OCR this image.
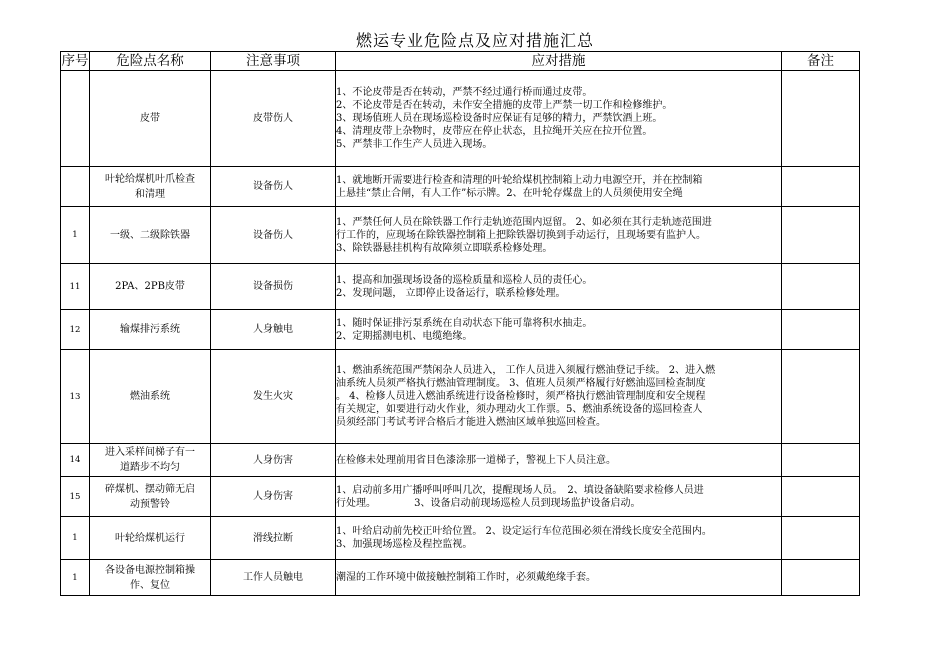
燃运专业危险点及应对措施汇总
序号	危险点名称	注意事项	应对措施	备注

	皮带	皮带伤人	1、不论皮带是否在转动，严禁不经过通行桥而通过皮带。
2、不论皮带是否在转动，未作安全措施的皮带上严禁一切工作和检修维护。
3、现场值班人员在现场巡检设备时应保证有足够的精力，严禁饮酒上班。
4、清理皮带上杂物时，皮带应在停止状态，且拉绳开关应在拉开位置。
5、严禁非工作生产人员进入现场。	

	叶轮给煤机叶爪检查
和清理	设备伤人	1、就地断开需要进行检查和清理的叶轮给煤机控制箱上动力电源空开，并在控制箱
上悬挂“禁止合闸，有人工作”标示牌。2、在叶轮存煤盘上的人员须使用安全绳	

1	一级、二级除铁器	设备伤人	1、严禁任何人员在除铁器工作行走轨迹范围内逗留。 2、如必须在其行走轨迹范围进
行工作的，应现场在除铁器控制箱上把除铁器切换到手动运行，且现场要有监护人。
3、除铁器悬挂机构有故障须立即联系检修处理。	

11	2PA、2PB皮带	设备损伤	1、提高和加强现场设备的巡检质量和巡检人员的责任心。
2、发现问题， 立即停止设备运行，联系检修处理。	

12	输煤排污系统	人身触电	1、随时保证排污泵系统在自动状态下能可靠将积水抽走。
2、定期摇测电机、电缆绝缘。	

13	燃油系统	发生火灾	1、燃油系统范围严禁闲杂人员进入， 工作人员进入须履行燃油登记手续。 2、进入燃
油系统人员须严格执行燃油管理制度。 3、值班人员须严格履行好燃油巡回检查制度
。 4、检修人员进入燃油系统进行设备检修时，须严格执行燃油管理制度和安全规程
有关规定，如要进行动火作业，须办理动火工作票。5、燃油系统设备的巡回检查人
员须经部门考试考评合格后才能进入燃油区域单独巡回检查。	

14	进入采样间梯子有一
道踏步不均匀	人身伤害	在检修未处理前用省目色漆涂那一道梯子，警视上下人员注意。	

15	碎煤机、摆动筛无启
动预警铃	人身伤害	1、启动前多用广播呼叫呼叫几次，提醒现场人员。　2、填设备缺陷要求检修人员进
行处理。　　　　 3、设备启动前现场巡检人员到现场监护设备启动。	

1	叶轮给煤机运行	滑线拉断	1、叶给启动前先校正叶给位置。 2、设定运行车位范围必须在滑线长度安全范围内。
3、加强现场巡检及程控监视。	

1	各设备电源控制箱操
作、复位	工作人员触电	潮湿的工作环境中做接触控制箱工作时，必须戴绝缘手套。	
